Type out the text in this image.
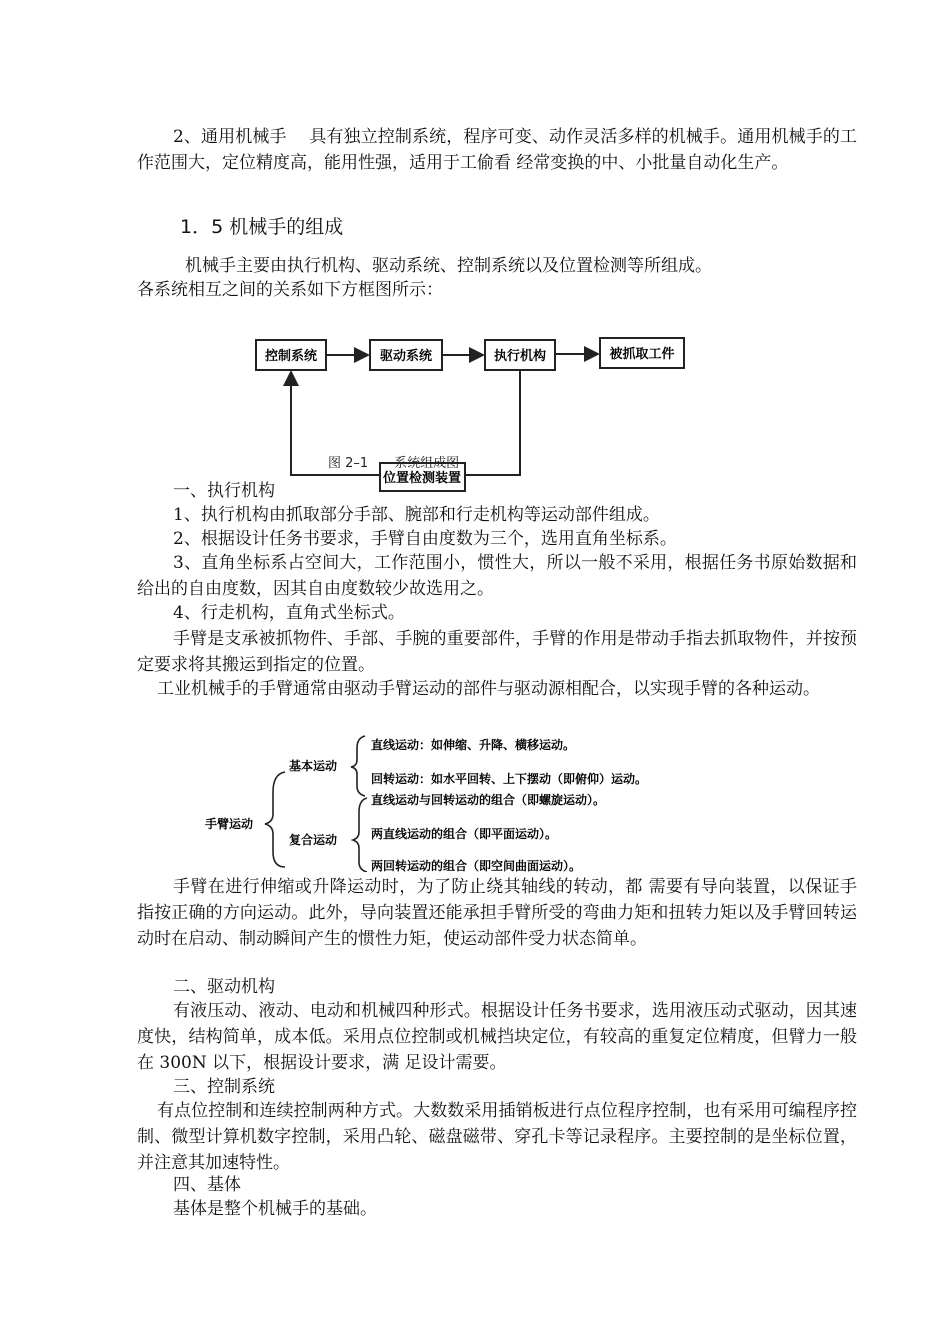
2、通用机械手　 具有独立控制系统，程序可变、动作灵活多样的机械手。通用机械手的工作范围大，定位精度高，能用性强，适用于工偷看 经常变换的中、小批量自动化生产。

1．5 机械手的组成

机械手主要由执行机构、驱动系统、控制系统以及位置检测等所组成。

各系统相互之间的关系如下方框图所示：

控制系统	驱动系统	执行机构	被抓取工件
位置检测装置
图 2–1　　系统组成图

一、执行机构

1、执行机构由抓取部分手部、腕部和行走机构等运动部件组成。

2、根据设计任务书要求，手臂自由度数为三个，选用直角坐标系。

3、直角坐标系占空间大，工作范围小，惯性大，所以一般不采用，根据任务书原始数据和给出的自由度数，因其自由度数较少故选用之。

4、行走机构，直角式坐标式。

手臂是支承被抓物件、手部、手腕的重要部件，手臂的作用是带动手指去抓取物件，并按预定要求将其搬运到指定的位置。

工业机械手的手臂通常由驱动手臂运动的部件与驱动源相配合，以实现手臂的各种运动。

手臂运动
基本运动
直线运动：如伸缩、升降、横移运动。
回转运动：如水平回转、上下摆动（即俯仰）运动。
复合运动
直线运动与回转运动的组合（即螺旋运动）。
两直线运动的组合（即平面运动）。
两回转运动的组合（即空间曲面运动）。

手臂在进行伸缩或升降运动时，为了防止绕其轴线的转动，都 需要有导向装置，以保证手指按正确的方向运动。此外，导向装置还能承担手臂所受的弯曲力矩和扭转力矩以及手臂回转运动时在启动、制动瞬间产生的惯性力矩，使运动部件受力状态简单。

二、驱动机构

有液压动、液动、电动和机械四种形式。根据设计任务书要求，选用液压动式驱动，因其速度快，结构简单，成本低。采用点位控制或机械挡块定位，有较高的重复定位精度，但臂力一般 在 300N 以下，根据设计要求，满 足设计需要。

三、控制系统

有点位控制和连续控制两种方式。大数数采用插销板进行点位程序控制，也有采用可编程序控制、微型计算机数字控制，采用凸轮、磁盘磁带、穿孔卡等记录程序。主要控制的是坐标位置，并注意其加速特性。

四、基体

基体是整个机械手的基础。
